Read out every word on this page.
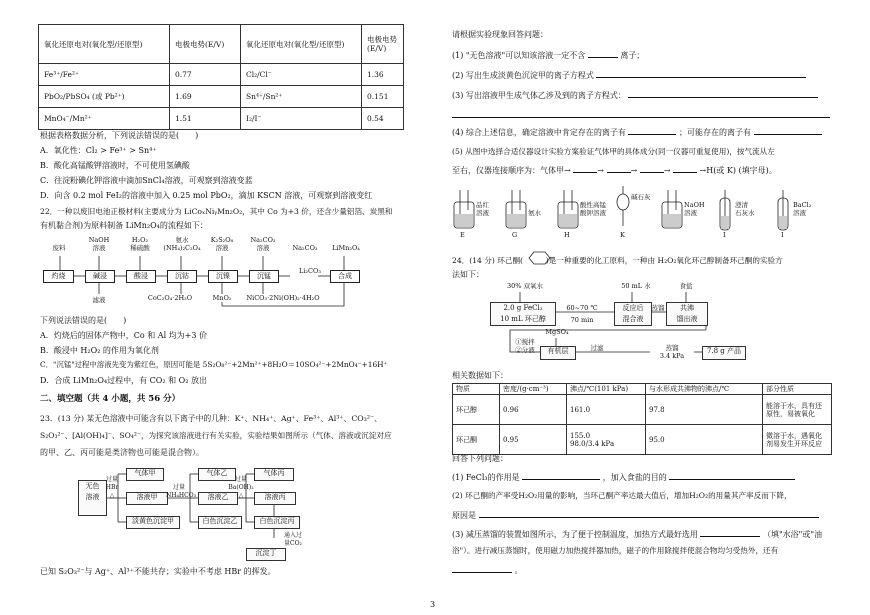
氧化还原电对(氧化型/还原型)	电极电势(E/V)	氧化还原电对(氧化型/还原型)	电极电势(E/V)
Fe³⁺/Fe²⁺	0.77	Cl₂/Cl⁻	1.36
PbO₂/PbSO₄ (或 Pb²⁺)	1.69	Sn⁴⁺/Sn²⁺	0.151
MnO₄⁻/Mn²⁺	1.51	I₂/I⁻	0.54
根据表格数据分析，下列说法错误的是(　　)
A．氧化性：Cl₂ > Fe³⁺ > Sn⁴⁺
B．酸化高锰酸钾溶液时，不可使用氢碘酸
C．往淀粉碘化钾溶液中滴加SnCl₄溶液，可观察到溶液变蓝
D．向含 0.2 mol FeI₂的溶液中加入 0.25 mol PbO₂，滴加 KSCN 溶液，可观察到溶液变红
22．一种以废旧电池正极材料(主要成分为 LiCoₓNiᵧMn₂O₂，其中 Co 为+3 价，还含少量铝箔、炭黑和
有机黏合剂)为原料制备 LiMn₂O₄的流程如下：
灼烧	碱浸	酸浸	沉钴	沉镍	沉锰	合成
废料
NaOH
溶液
H₂O₂
稀硫酸
氨水
(NH₄)₂C₂O₄
K₂S₂O₈
溶液
Na₂CO₃
溶液	Na₂CO₃	LiMn₂O₄
Li₂CO₃
滤液	CoC₂O₄·2H₂O	MnO₂	NiCO₃·2Ni(OH)₂·4H₂O
下列说法错误的是(　　)
A．灼烧后的固体产物中，Co 和 Al 均为+3 价
B．酸浸中 H₂O₂ 的作用为氧化剂
C．"沉锰"过程中溶液先变为紫红色，原因可能是 5S₂O₈²⁻+2Mn²⁺+8H₂O＝10SO₄²⁻+2MnO₄⁻+16H⁺
D．合成 LiMn₂O₄过程中，有 CO₂ 和 O₂ 放出
二、填空题（共 4 小题，共 56 分）
23．(13 分) 某无色溶液中可能含有以下离子中的几种：K⁺、NH₄⁺、Ag⁺、Fe³⁺、Al³⁺、CO₃²⁻、
S₂O₃²⁻、[Al(OH)₄]⁻、SO₄²⁻，为探究该溶液进行有关实验，实验结果如图所示（气体、溶液或沉淀对应
的甲、乙、丙可能是类济物也可能是混合物）。
无色
溶液
过量
HBr
△
气体甲
溶液甲
淡黄色沉淀甲
过量
NH₄HCO₃
气体乙
溶液乙
白色沉淀乙
过量
Ba(OH)₂
△
气体丙
溶液丙
白色沉淀丙
通入过
量CO₂
沉淀丁
已知 S₂O₃²⁻与 Ag⁺、Al³⁺不能共存；实验中不考虑 HBr 的挥发。
请根据实验现象回答问题：
(1) "无色溶液"可以知该溶液一定不含	离子；
(2) 写出生成淡黄色沉淀甲的离子方程式
(3) 写出溶液甲生成气体乙涉及到的离子方程式：
(4) 综合上述信息，确定溶液中肯定存在的离子有	；可能存在的离子有
(5) 从图中选择合适仪器设计实验方案验证气体甲的具体成分(同一仪器可重复使用)，按气流从左
至右，仪器连接顺序为：气体甲→	→	→	→	→H(或 K) (填字母)。
品红
溶液
E
氨水
G
酸性高锰
酸钾溶液
H
碱石灰
K
NaOH
溶液
澄清
石灰水
I
BaCl₂
溶液
I
24．(14 分) 环己酮(　　　)是一种重要的化工原料，一种由 H₂O₂氧化环己醇制备环己酮的实验方
法如下：
30% 双氧水
2.0 g FeCl₃
10 mL 环己醇
60~70 ℃
70 min
50 mL 水
反应后
混合液
蒸馏
食盐
共沸
馏出液
MgSO₄
①搅拌
②分液	有机层	过滤	蒸馏
3.4 kPa
7.8 g 产品
相关数据如下：
物质	密度/(g·cm⁻³)	沸点/℃(101 kPa)	与水形成共沸物的沸点/℃	部分性质
环己醇	0.96	161.0	97.8	能溶于水，具有还
原性，易被氧化
环己酮	0.95	155.0
98.0/3.4 kPa	95.0	微溶于水，遇氧化
剂易发生开环反应
回答下列问题：
(1) FeCl₃的作用是	，加入食盐的目的
(2) 环己酮的产率受H₂O₂用量的影响，当环己酮产率达最大值后，增加H₂O₂的用量其产率反而下降，
原因是
(3) 减压蒸馏的装置如图所示，为了便于控制温度，加热方式最好选用	（填"水浴"或"油
浴"）。进行减压蒸馏时，使用磁力加热搅拌器加热，磁子的作用除搅拌使混合物均匀受热外，还有
。
3
